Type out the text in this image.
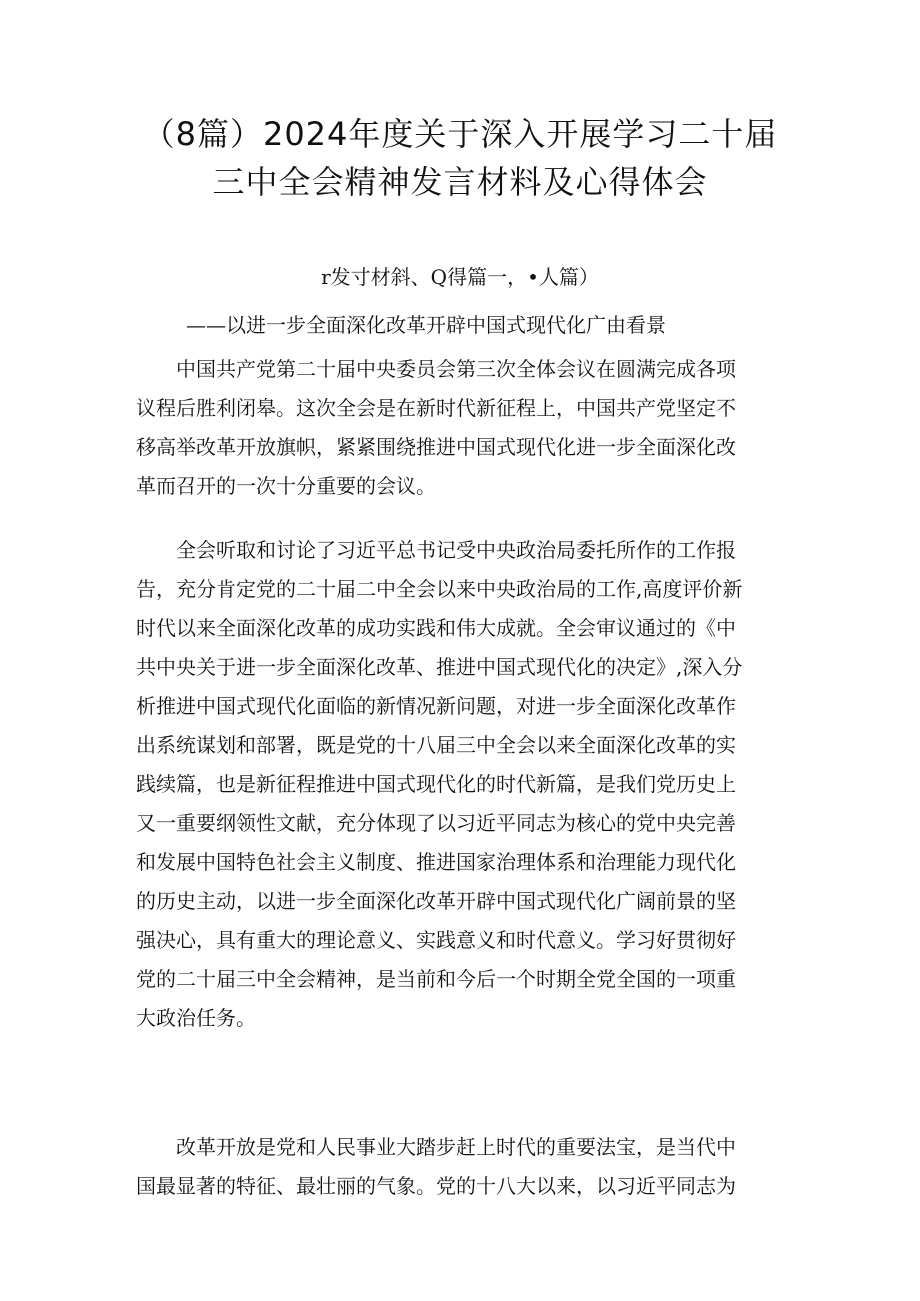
（8篇）2024年度关于深入开展学习二十届
三中全会精神发言材料及心得体会
r发寸材斜、Q得篇一，•人篇）
——以进一步全面深化改革开辟中国式现代化广由看景
　　中国共产党第二十届中央委员会第三次全体会议在圆满完成各项
议程后胜利闭皋。这次全会是在新时代新征程上，中国共产党坚定不
移高举改革开放旗帜，紧紧围绕推进中国式现代化进一步全面深化改
革而召开的一次十分重要的会议。
　　全会听取和讨论了习近平总书记受中央政治局委托所作的工作报
告，充分肯定党的二十届二中全会以来中央政治局的工作,高度评价新
时代以来全面深化改革的成功实践和伟大成就。全会审议通过的《中
共中央关于进一步全面深化改革、推进中国式现代化的决定》,深入分
析推进中国式现代化面临的新情况新问题，对进一步全面深化改革作
出系统谋划和部署，既是党的十八届三中全会以来全面深化改革的实
践续篇，也是新征程推进中国式现代化的时代新篇，是我们党历史上
又一重要纲领性文献，充分体现了以习近平同志为核心的党中央完善
和发展中国特色社会主义制度、推进国家治理体系和治理能力现代化
的历史主动，以进一步全面深化改革开辟中国式现代化广阔前景的坚
强决心，具有重大的理论意义、实践意义和时代意义。学习好贯彻好
党的二十届三中全会精神，是当前和今后一个时期全党全国的一项重
大政治任务。
　　改革开放是党和人民事业大踏步赶上时代的重要法宝，是当代中
国最显著的特征、最壮丽的气象。党的十八大以来，以习近平同志为
